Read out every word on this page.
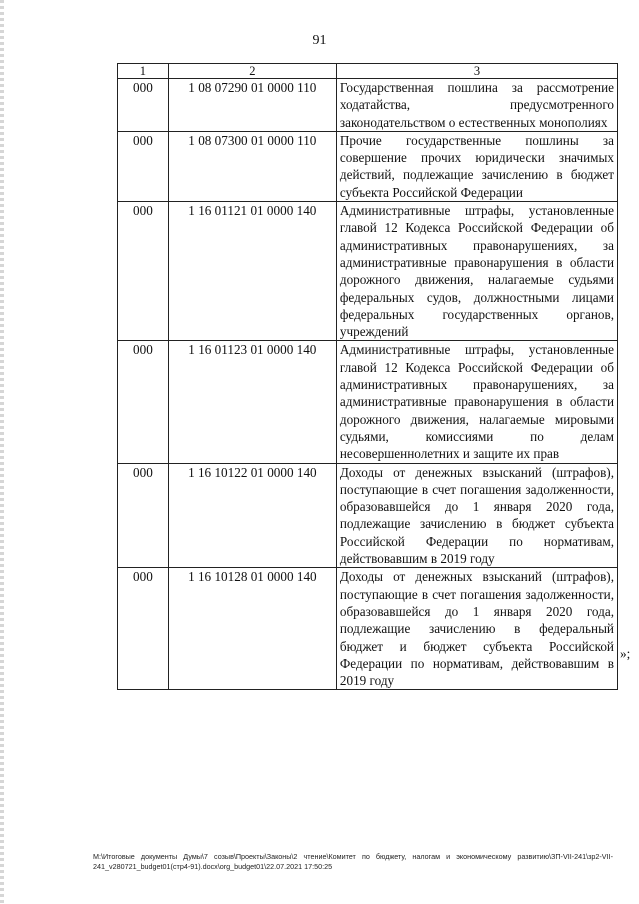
91
1	2	3
000	1 08 07290 01 0000 110	Государственная пошлина за рассмотрение ходатайства, предусмотренного законодательством о естественных монополиях
000	1 08 07300 01 0000 110	Прочие государственные пошлины за совершение прочих юридически значимых действий, подлежащие зачислению в бюджет субъекта Российской Федерации
000	1 16 01121 01 0000 140	Административные штрафы, установленные главой 12 Кодекса Российской Федерации об административных правонарушениях, за административные правонарушения в области дорожного движения, налагаемые судьями федеральных судов, должностными лицами федеральных государственных органов, учреждений
000	1 16 01123 01 0000 140	Административные штрафы, установленные главой 12 Кодекса Российской Федерации об административных правонарушениях, за административные правонарушения в области дорожного движения, налагаемые мировыми судьями, комиссиями по делам несовершеннолетних и защите их прав
000	1 16 10122 01 0000 140	Доходы от денежных взысканий (штрафов), поступающие в счет погашения задолженности, образовавшейся до 1 января 2020 года, подлежащие зачислению в бюджет субъекта Российской Федерации по нормативам, действовавшим в 2019 году
000	1 16 10128 01 0000 140	Доходы от денежных взысканий (штрафов), поступающие в счет погашения задолженности, образовавшейся до 1 января 2020 года, подлежащие зачислению в федеральный бюджет и бюджет субъекта Российской Федерации по нормативам, действовавшим в 2019 году
»;
М:\Итоговые документы Думы\7 созыв\Проекты\Законы\2 чтение\Комитет по бюджету, налогам и экономическому развитию\ЗП-VII-241\зр2-VII-241_v280721_budget01(стр4-91).docx\org_budget01\22.07.2021 17:50:25
